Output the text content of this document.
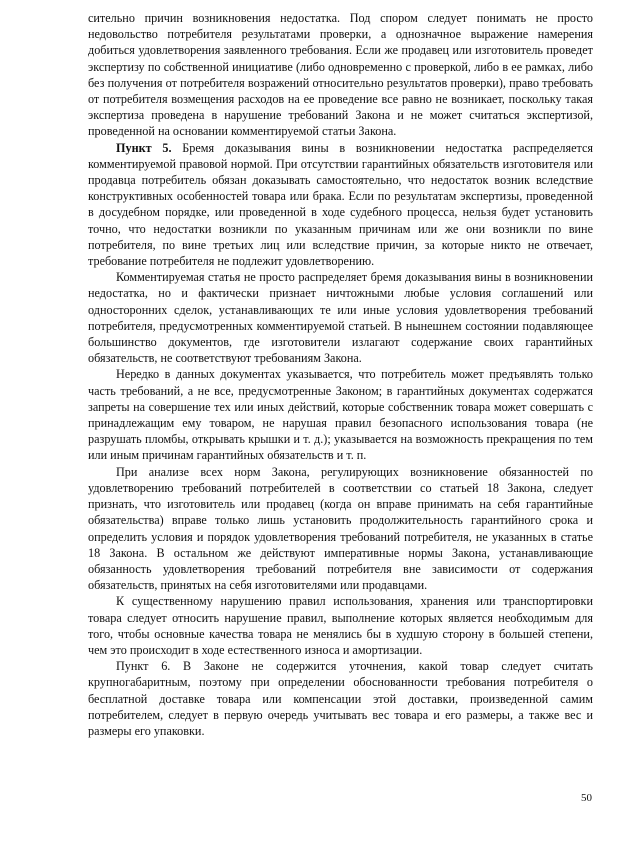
сительно причин возникновения недостатка. Под спором следует понимать не просто недовольство потребителя результатами проверки, а однозначное выражение намерения добиться удовлетворения заявленного требования. Если же продавец или изготовитель проведет экспертизу по собственной инициативе (либо одновременно с проверкой, либо в ее рамках, либо без получения от потребителя возражений относительно результатов проверки), право требовать от потребителя возмещения расходов на ее проведение все равно не возникает, поскольку такая экспертиза проведена в нарушение требований Закона и не может считаться экспертизой, проведенной на основании комментируемой статьи Закона.

Пункт 5. Бремя доказывания вины в возникновении недостатка распределяется комментируемой правовой нормой. При отсутствии гарантийных обязательств изготовителя или продавца потребитель обязан доказывать самостоятельно, что недостаток возник вследствие конструктивных особенностей товара или брака. Если по результатам экспертизы, проведенной в досудебном порядке, или проведенной в ходе судебного процесса, нельзя будет установить точно, что недостатки возникли по указанным причинам или же они возникли по вине потребителя, по вине третьих лиц или вследствие причин, за которые никто не отвечает, требование потребителя не подлежит удовлетворению.

Комментируемая статья не просто распределяет бремя доказывания вины в возникновении недостатка, но и фактически признает ничтожными любые условия соглашений или односторонних сделок, устанавливающих те или иные условия удовлетворения требований потребителя, предусмотренных комментируемой статьей. В нынешнем состоянии подавляющее большинство документов, где изготовители излагают содержание своих гарантийных обязательств, не соответствуют требованиям Закона.

Нередко в данных документах указывается, что потребитель может предъявлять только часть требований, а не все, предусмотренные Законом; в гарантийных документах содержатся запреты на совершение тех или иных действий, которые собственник товара может совершать с принадлежащим ему товаром, не нарушая правил безопасного использования товара (не разрушать пломбы, открывать крышки и т. д.); указывается на возможность прекращения по тем или иным причинам гарантийных обязательств и т. п.

При анализе всех норм Закона, регулирующих возникновение обязанностей по удовлетворению требований потребителей в соответствии со статьей 18 Закона, следует признать, что изготовитель или продавец (когда он вправе принимать на себя гарантийные обязательства) вправе только лишь установить продолжительность гарантийного срока и определить условия и порядок удовлетворения требований потребителя, не указанных в статье 18 Закона. В остальном же действуют императивные нормы Закона, устанавливающие обязанность удовлетворения требований потребителя вне зависимости от содержания обязательств, принятых на себя изготовителями или продавцами.

К существенному нарушению правил использования, хранения или транспортировки товара следует относить нарушение правил, выполнение которых является необходимым для того, чтобы основные качества товара не менялись бы в худшую сторону в большей степени, чем это происходит в ходе естественного износа и амортизации.

Пункт 6. В Законе не содержится уточнения, какой товар следует считать крупногабаритным, поэтому при определении обоснованности требования потребителя о бесплатной доставке товара или компенсации этой доставки, произведенной самим потребителем, следует в первую очередь учитывать вес товара и его размеры, а также вес и размеры его упаковки.

50
